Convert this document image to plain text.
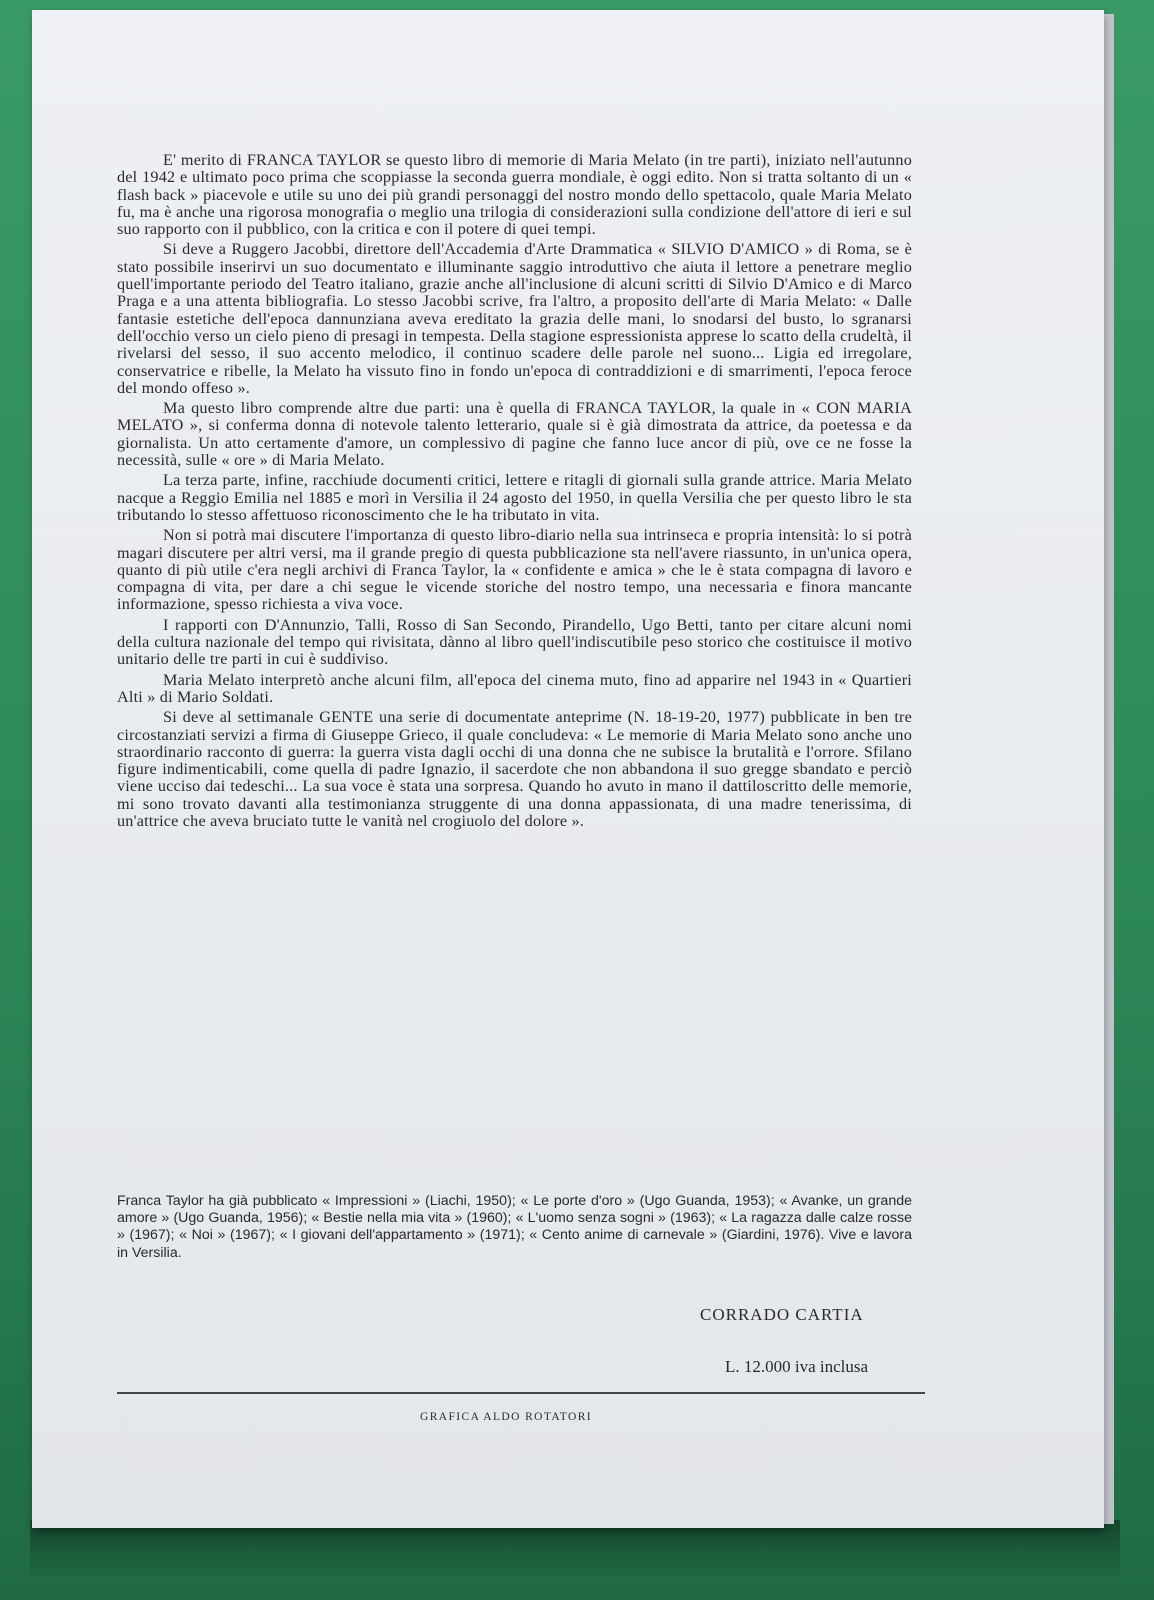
E' merito di FRANCA TAYLOR se questo libro di memorie di Maria Melato (in tre parti), iniziato nell'autunno del 1942 e ultimato poco prima che scoppiasse la seconda guerra mondiale, è oggi edito. Non si tratta soltanto di un « flash back » piacevole e utile su uno dei più grandi personaggi del nostro mondo dello spettacolo, quale Maria Melato fu, ma è anche una rigorosa monografia o meglio una trilogia di considerazioni sulla condizione dell'attore di ieri e sul suo rapporto con il pubblico, con la critica e con il potere di quei tempi.

Si deve a Ruggero Jacobbi, direttore dell'Accademia d'Arte Drammatica « SILVIO D'AMICO » di Roma, se è stato possibile inserirvi un suo documentato e illuminante saggio introduttivo che aiuta il lettore a penetrare meglio quell'importante periodo del Teatro italiano, grazie anche all'inclusione di alcuni scritti di Silvio D'Amico e di Marco Praga e a una attenta bibliografia. Lo stesso Jacobbi scrive, fra l'altro, a proposito dell'arte di Maria Melato: « Dalle fantasie estetiche dell'epoca dannunziana aveva ereditato la grazia delle mani, lo snodarsi del busto, lo sgranarsi dell'occhio verso un cielo pieno di presagi in tempesta. Della stagione espressionista apprese lo scatto della crudeltà, il rivelarsi del sesso, il suo accento melodico, il continuo scadere delle parole nel suono... Ligia ed irregolare, conservatrice e ribelle, la Melato ha vissuto fino in fondo un'epoca di contraddizioni e di smarrimenti, l'epoca feroce del mondo offeso ».

Ma questo libro comprende altre due parti: una è quella di FRANCA TAYLOR, la quale in « CON MARIA MELATO », si conferma donna di notevole talento letterario, quale si è già dimostrata da attrice, da poetessa e da giornalista. Un atto certamente d'amore, un complessivo di pagine che fanno luce ancor di più, ove ce ne fosse la necessità, sulle « ore » di Maria Melato.

La terza parte, infine, racchiude documenti critici, lettere e ritagli di giornali sulla grande attrice. Maria Melato nacque a Reggio Emilia nel 1885 e morì in Versilia il 24 agosto del 1950, in quella Versilia che per questo libro le sta tributando lo stesso affettuoso riconoscimento che le ha tributato in vita.

Non si potrà mai discutere l'importanza di questo libro-diario nella sua intrinseca e propria intensità: lo si potrà magari discutere per altri versi, ma il grande pregio di questa pubblicazione sta nell'avere riassunto, in un'unica opera, quanto di più utile c'era negli archivi di Franca Taylor, la « confidente e amica » che le è stata compagna di lavoro e compagna di vita, per dare a chi segue le vicende storiche del nostro tempo, una necessaria e finora mancante informazione, spesso richiesta a viva voce.

I rapporti con D'Annunzio, Talli, Rosso di San Secondo, Pirandello, Ugo Betti, tanto per citare alcuni nomi della cultura nazionale del tempo qui rivisitata, dànno al libro quell'indiscutibile peso storico che costituisce il motivo unitario delle tre parti in cui è suddiviso.

Maria Melato interpretò anche alcuni film, all'epoca del cinema muto, fino ad apparire nel 1943 in « Quartieri Alti » di Mario Soldati.

Si deve al settimanale GENTE una serie di documentate anteprime (N. 18-19-20, 1977) pubblicate in ben tre circostanziati servizi a firma di Giuseppe Grieco, il quale concludeva: « Le memorie di Maria Melato sono anche uno straordinario racconto di guerra: la guerra vista dagli occhi di una donna che ne subisce la brutalità e l'orrore. Sfilano figure indimenticabili, come quella di padre Ignazio, il sacerdote che non abbandona il suo gregge sbandato e perciò viene ucciso dai tedeschi... La sua voce è stata una sorpresa. Quando ho avuto in mano il dattiloscritto delle memorie, mi sono trovato davanti alla testimonianza struggente di una donna appassionata, di una madre tenerissima, di un'attrice che aveva bruciato tutte le vanità nel crogiuolo del dolore ».

Franca Taylor ha già pubblicato « Impressioni » (Liachi, 1950); « Le porte d'oro » (Ugo Guanda, 1953); « Avanke, un grande amore » (Ugo Guanda, 1956); « Bestie nella mia vita » (1960); « L'uomo senza sogni » (1963); « La ragazza dalle calze rosse » (1967); « Noi » (1967); « I giovani dell'appartamento » (1971); « Cento anime di carnevale » (Giardini, 1976). Vive e lavora in Versilia.
CORRADO CARTIA
L. 12.000 iva inclusa
GRAFICA ALDO ROTATORI
